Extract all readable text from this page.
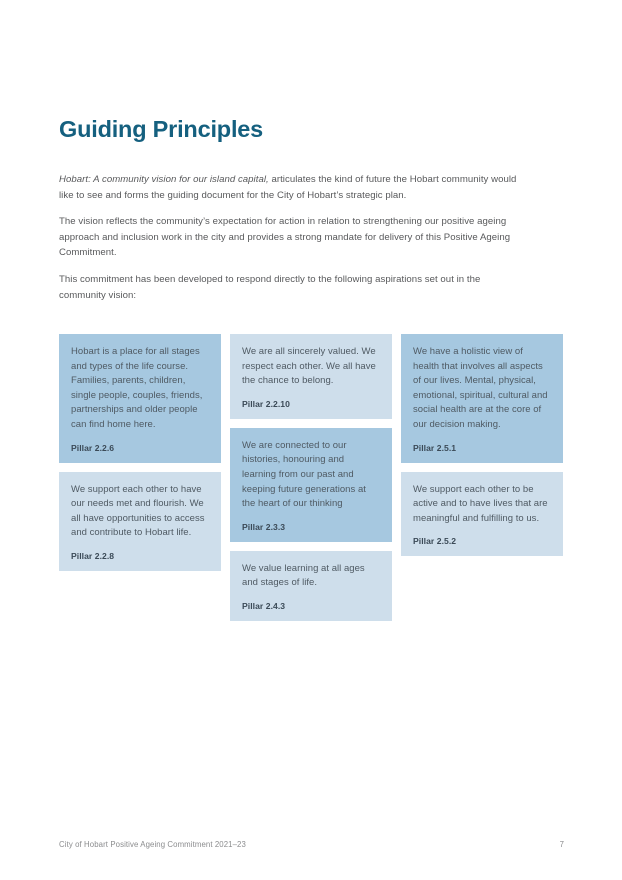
Guiding Principles

Hobart: A community vision for our island capital, articulates the kind of future the Hobart community would like to see and forms the guiding document for the City of Hobart’s strategic plan.

The vision reflects the community’s expectation for action in relation to strengthening our positive ageing approach and inclusion work in the city and provides a strong mandate for delivery of this Positive Ageing Commitment.

This commitment has been developed to respond directly to the following aspirations set out in the community vision:

Hobart is a place for all stages and types of the life course. Families, parents, children, single people, couples, friends, partnerships and older people can find home here.

Pillar 2.2.6

We support each other to have our needs met and flourish. We all have opportunities to access and contribute to Hobart life.

Pillar 2.2.8

We are all sincerely valued. We respect each other. We all have the chance to belong.

Pillar 2.2.10

We are connected to our histories, honouring and learning from our past and keeping future generations at the heart of our thinking

Pillar 2.3.3

We value learning at all ages and stages of life.

Pillar 2.4.3

We have a holistic view of health that involves all aspects of our lives. Mental, physical, emotional, spiritual, cultural and social health are at the core of our decision making.

Pillar 2.5.1

We support each other to be active and to have lives that are meaningful and fulfilling to us.

Pillar 2.5.2

City of Hobart Positive Ageing Commitment 2021–23	7
